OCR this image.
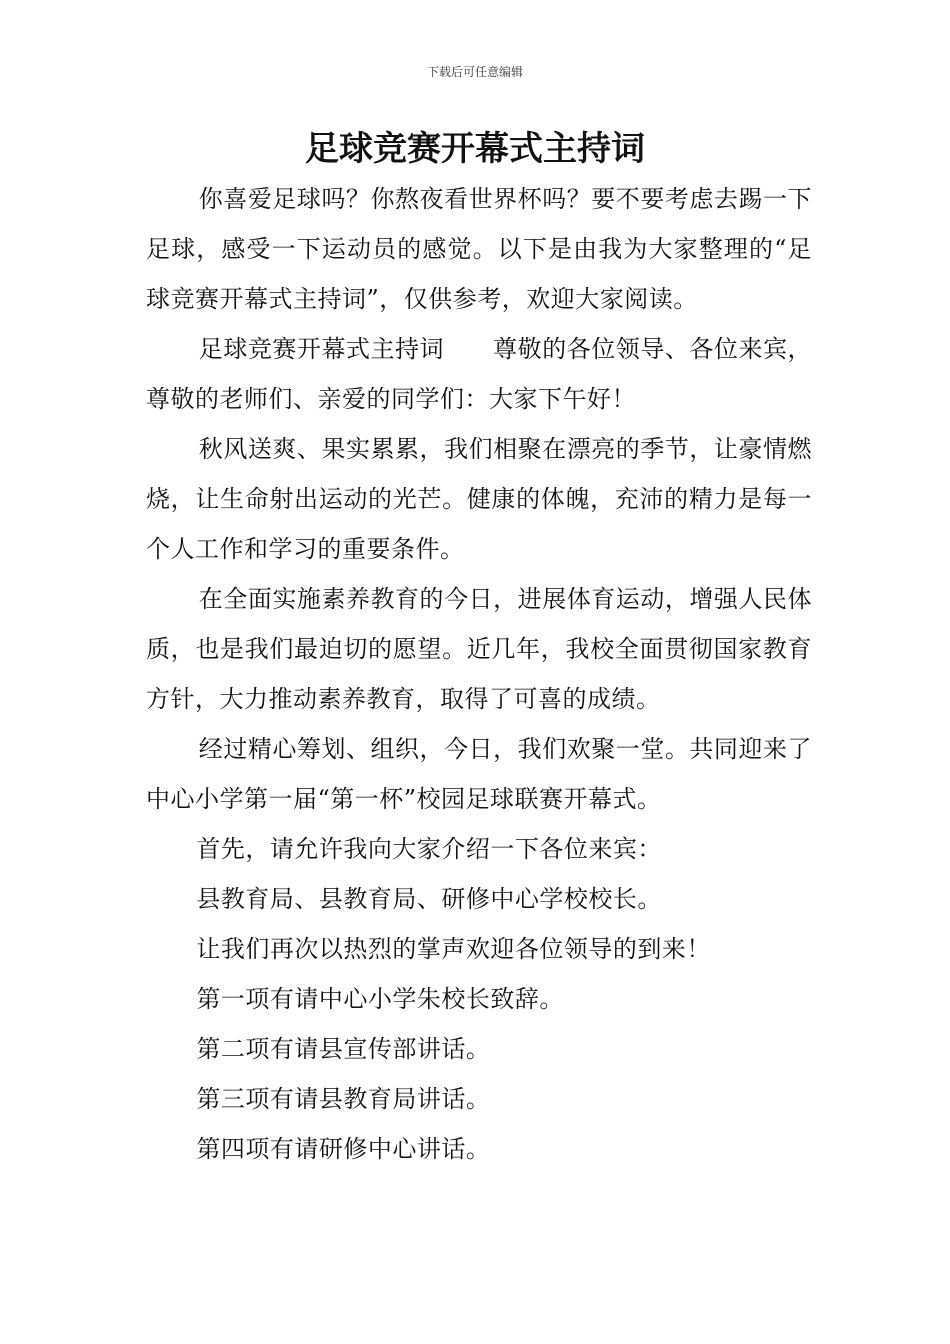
下载后可任意编辑
足球竞赛开幕式主持词

你喜爱足球吗？你熬夜看世界杯吗？要不要考虑去踢一下足球，感受一下运动员的感觉。以下是由我为大家整理的“足球竞赛开幕式主持词”，仅供参考，欢迎大家阅读。

足球竞赛开幕式主持词　　尊敬的各位领导、各位来宾，尊敬的老师们、亲爱的同学们：大家下午好！

秋风送爽、果实累累，我们相聚在漂亮的季节，让豪情燃烧，让生命射出运动的光芒。健康的体魄，充沛的精力是每一个人工作和学习的重要条件。

在全面实施素养教育的今日，进展体育运动，增强人民体质，也是我们最迫切的愿望。近几年，我校全面贯彻国家教育方针，大力推动素养教育，取得了可喜的成绩。

经过精心筹划、组织，今日，我们欢聚一堂。共同迎来了中心小学第一届“第一杯”校园足球联赛开幕式。

首先，请允许我向大家介绍一下各位来宾：

县教育局、县教育局、研修中心学校校长。

让我们再次以热烈的掌声欢迎各位领导的到来！

第一项有请中心小学朱校长致辞。

第二项有请县宣传部讲话。

第三项有请县教育局讲话。

第四项有请研修中心讲话。
